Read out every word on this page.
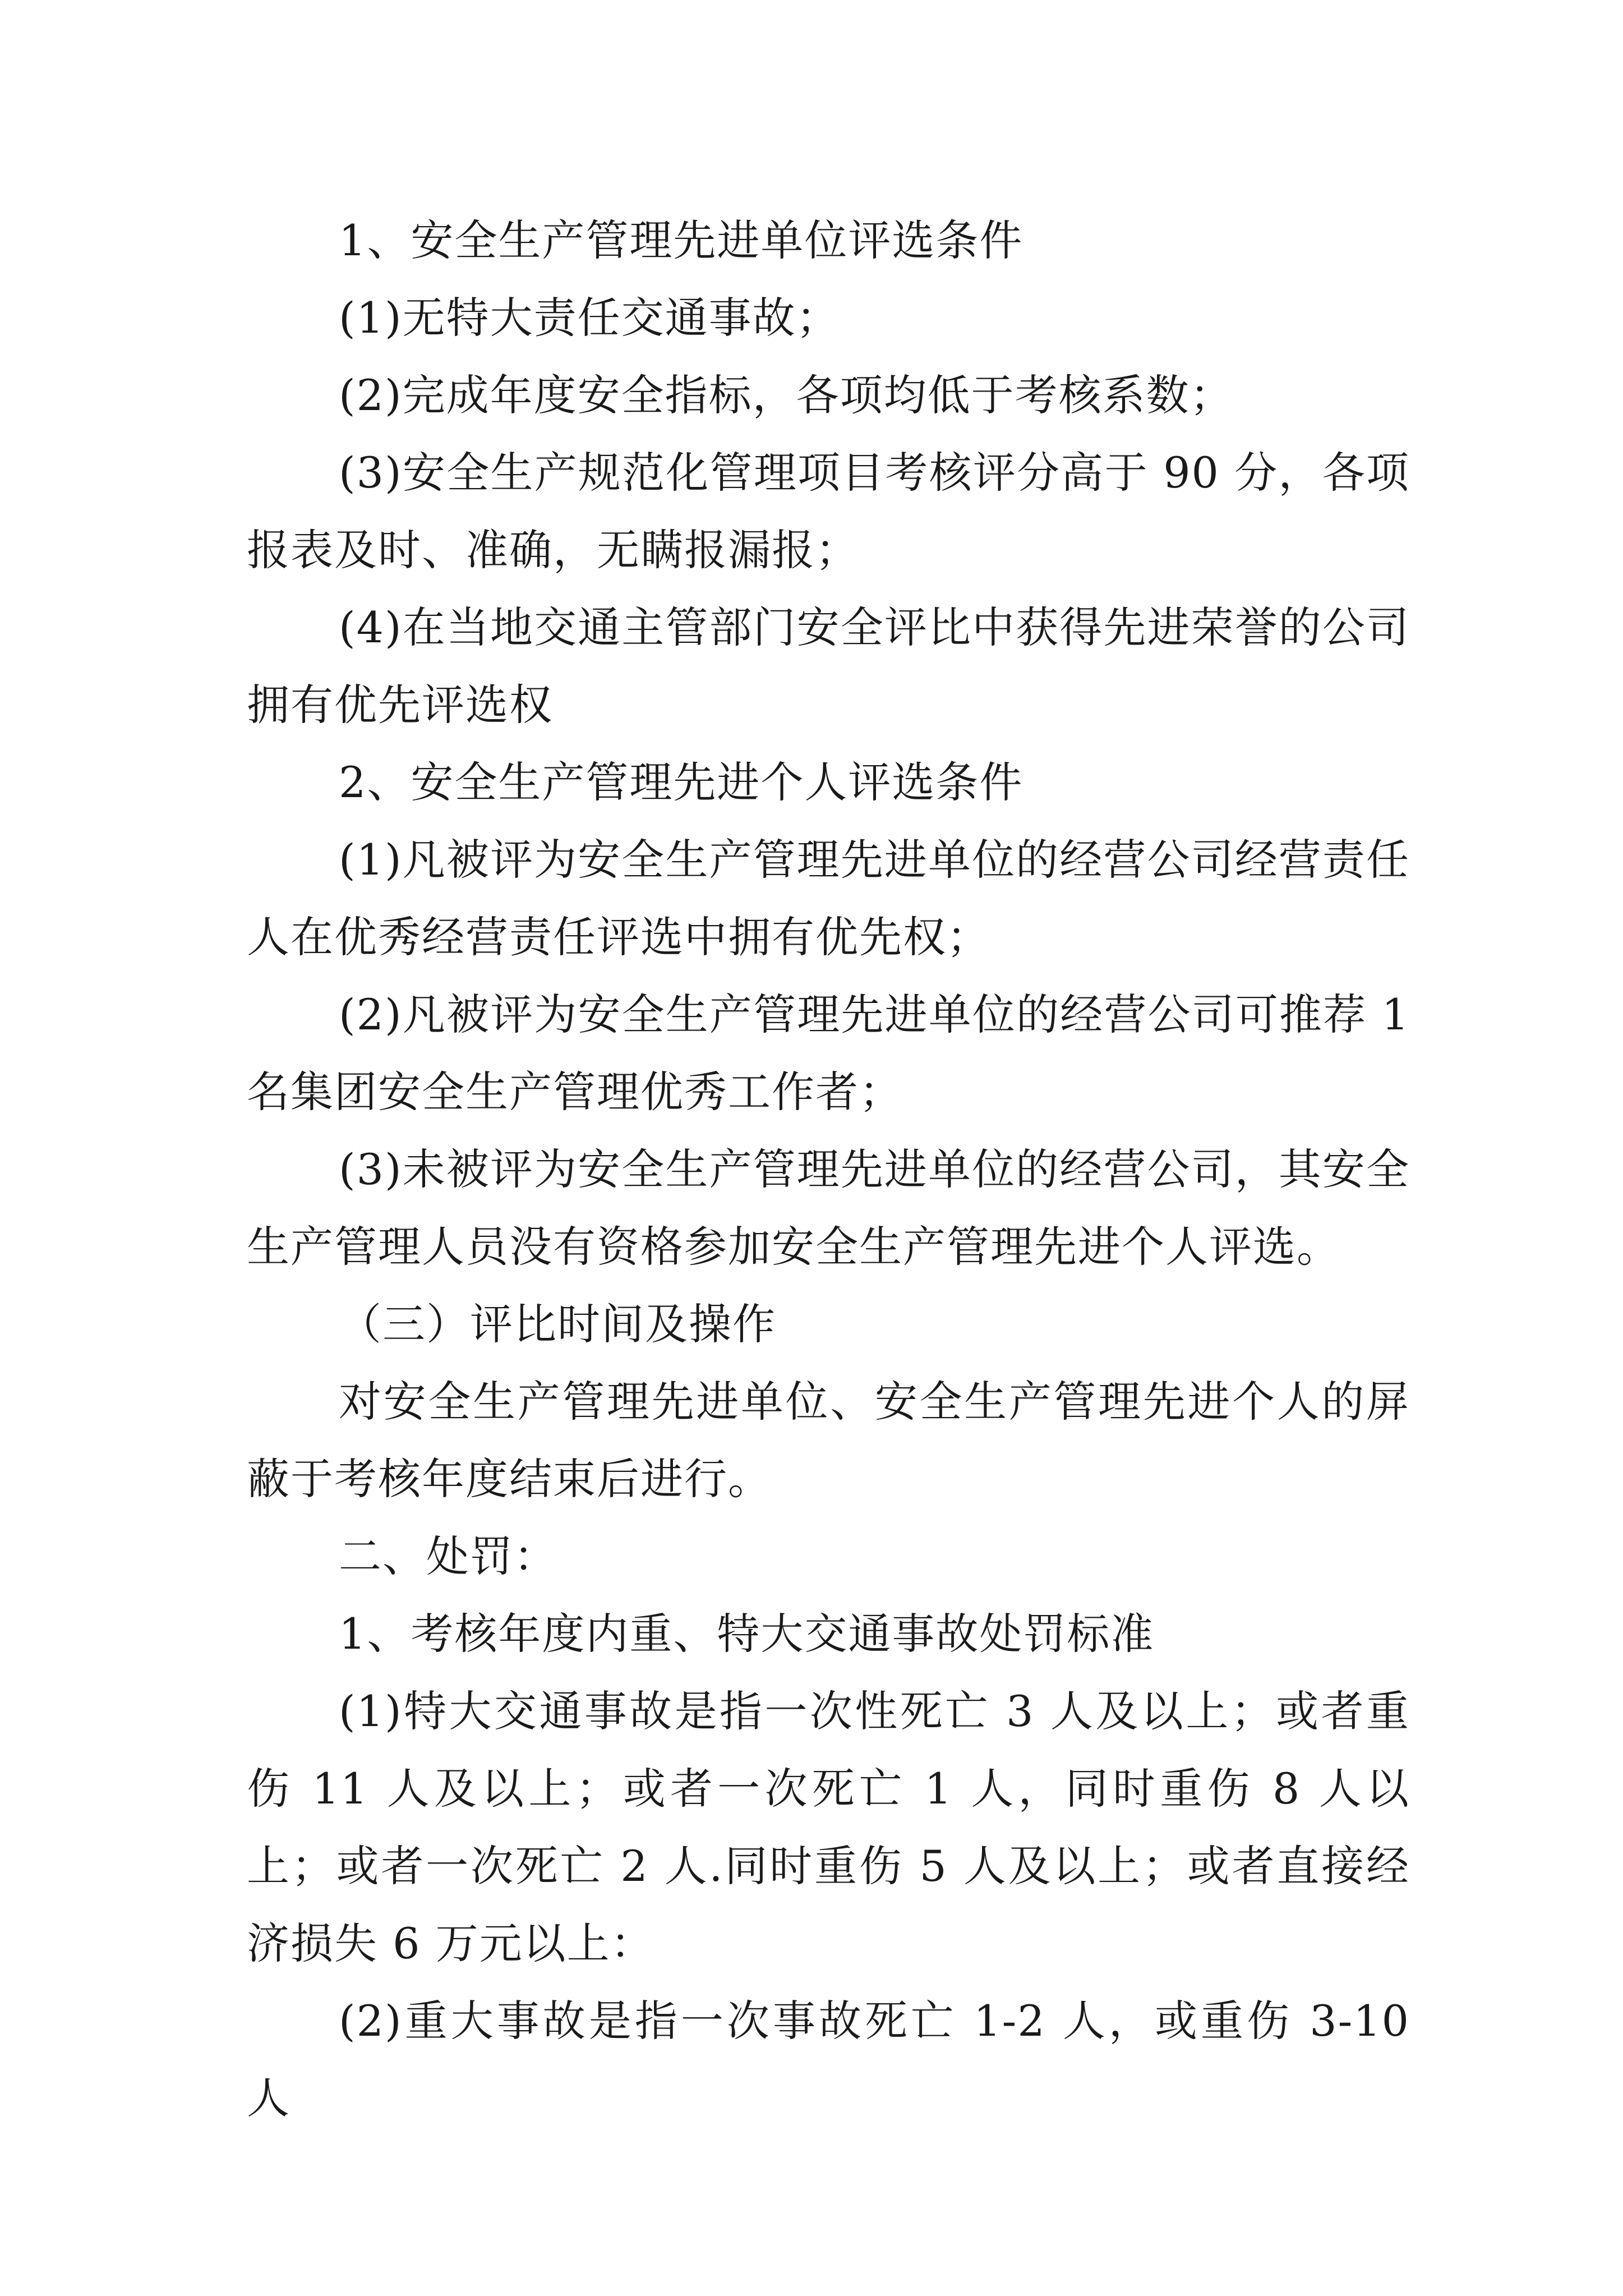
1、安全生产管理先进单位评选条件

(1)无特大责任交通事故；

(2)完成年度安全指标，各项均低于考核系数；

(3)安全生产规范化管理项目考核评分高于 90 分，各项报表及时、准确，无瞒报漏报；

(4)在当地交通主管部门安全评比中获得先进荣誉的公司拥有优先评选权

2、安全生产管理先进个人评选条件

(1)凡被评为安全生产管理先进单位的经营公司经营责任人在优秀经营责任评选中拥有优先权；

(2)凡被评为安全生产管理先进单位的经营公司可推荐 1 名集团安全生产管理优秀工作者；

(3)未被评为安全生产管理先进单位的经营公司，其安全生产管理人员没有资格参加安全生产管理先进个人评选。

（三）评比时间及操作

对安全生产管理先进单位、安全生产管理先进个人的屏蔽于考核年度结束后进行。

二、处罚：

1、考核年度内重、特大交通事故处罚标准

(1)特大交通事故是指一次性死亡 3 人及以上；或者重伤 11 人及以上；或者一次死亡 1 人，同时重伤 8 人以上；或者一次死亡 2 人.同时重伤 5 人及以上；或者直接经济损失 6 万元以上：

(2)重大事故是指一次事故死亡 1-2 人，或重伤 3-10 人
